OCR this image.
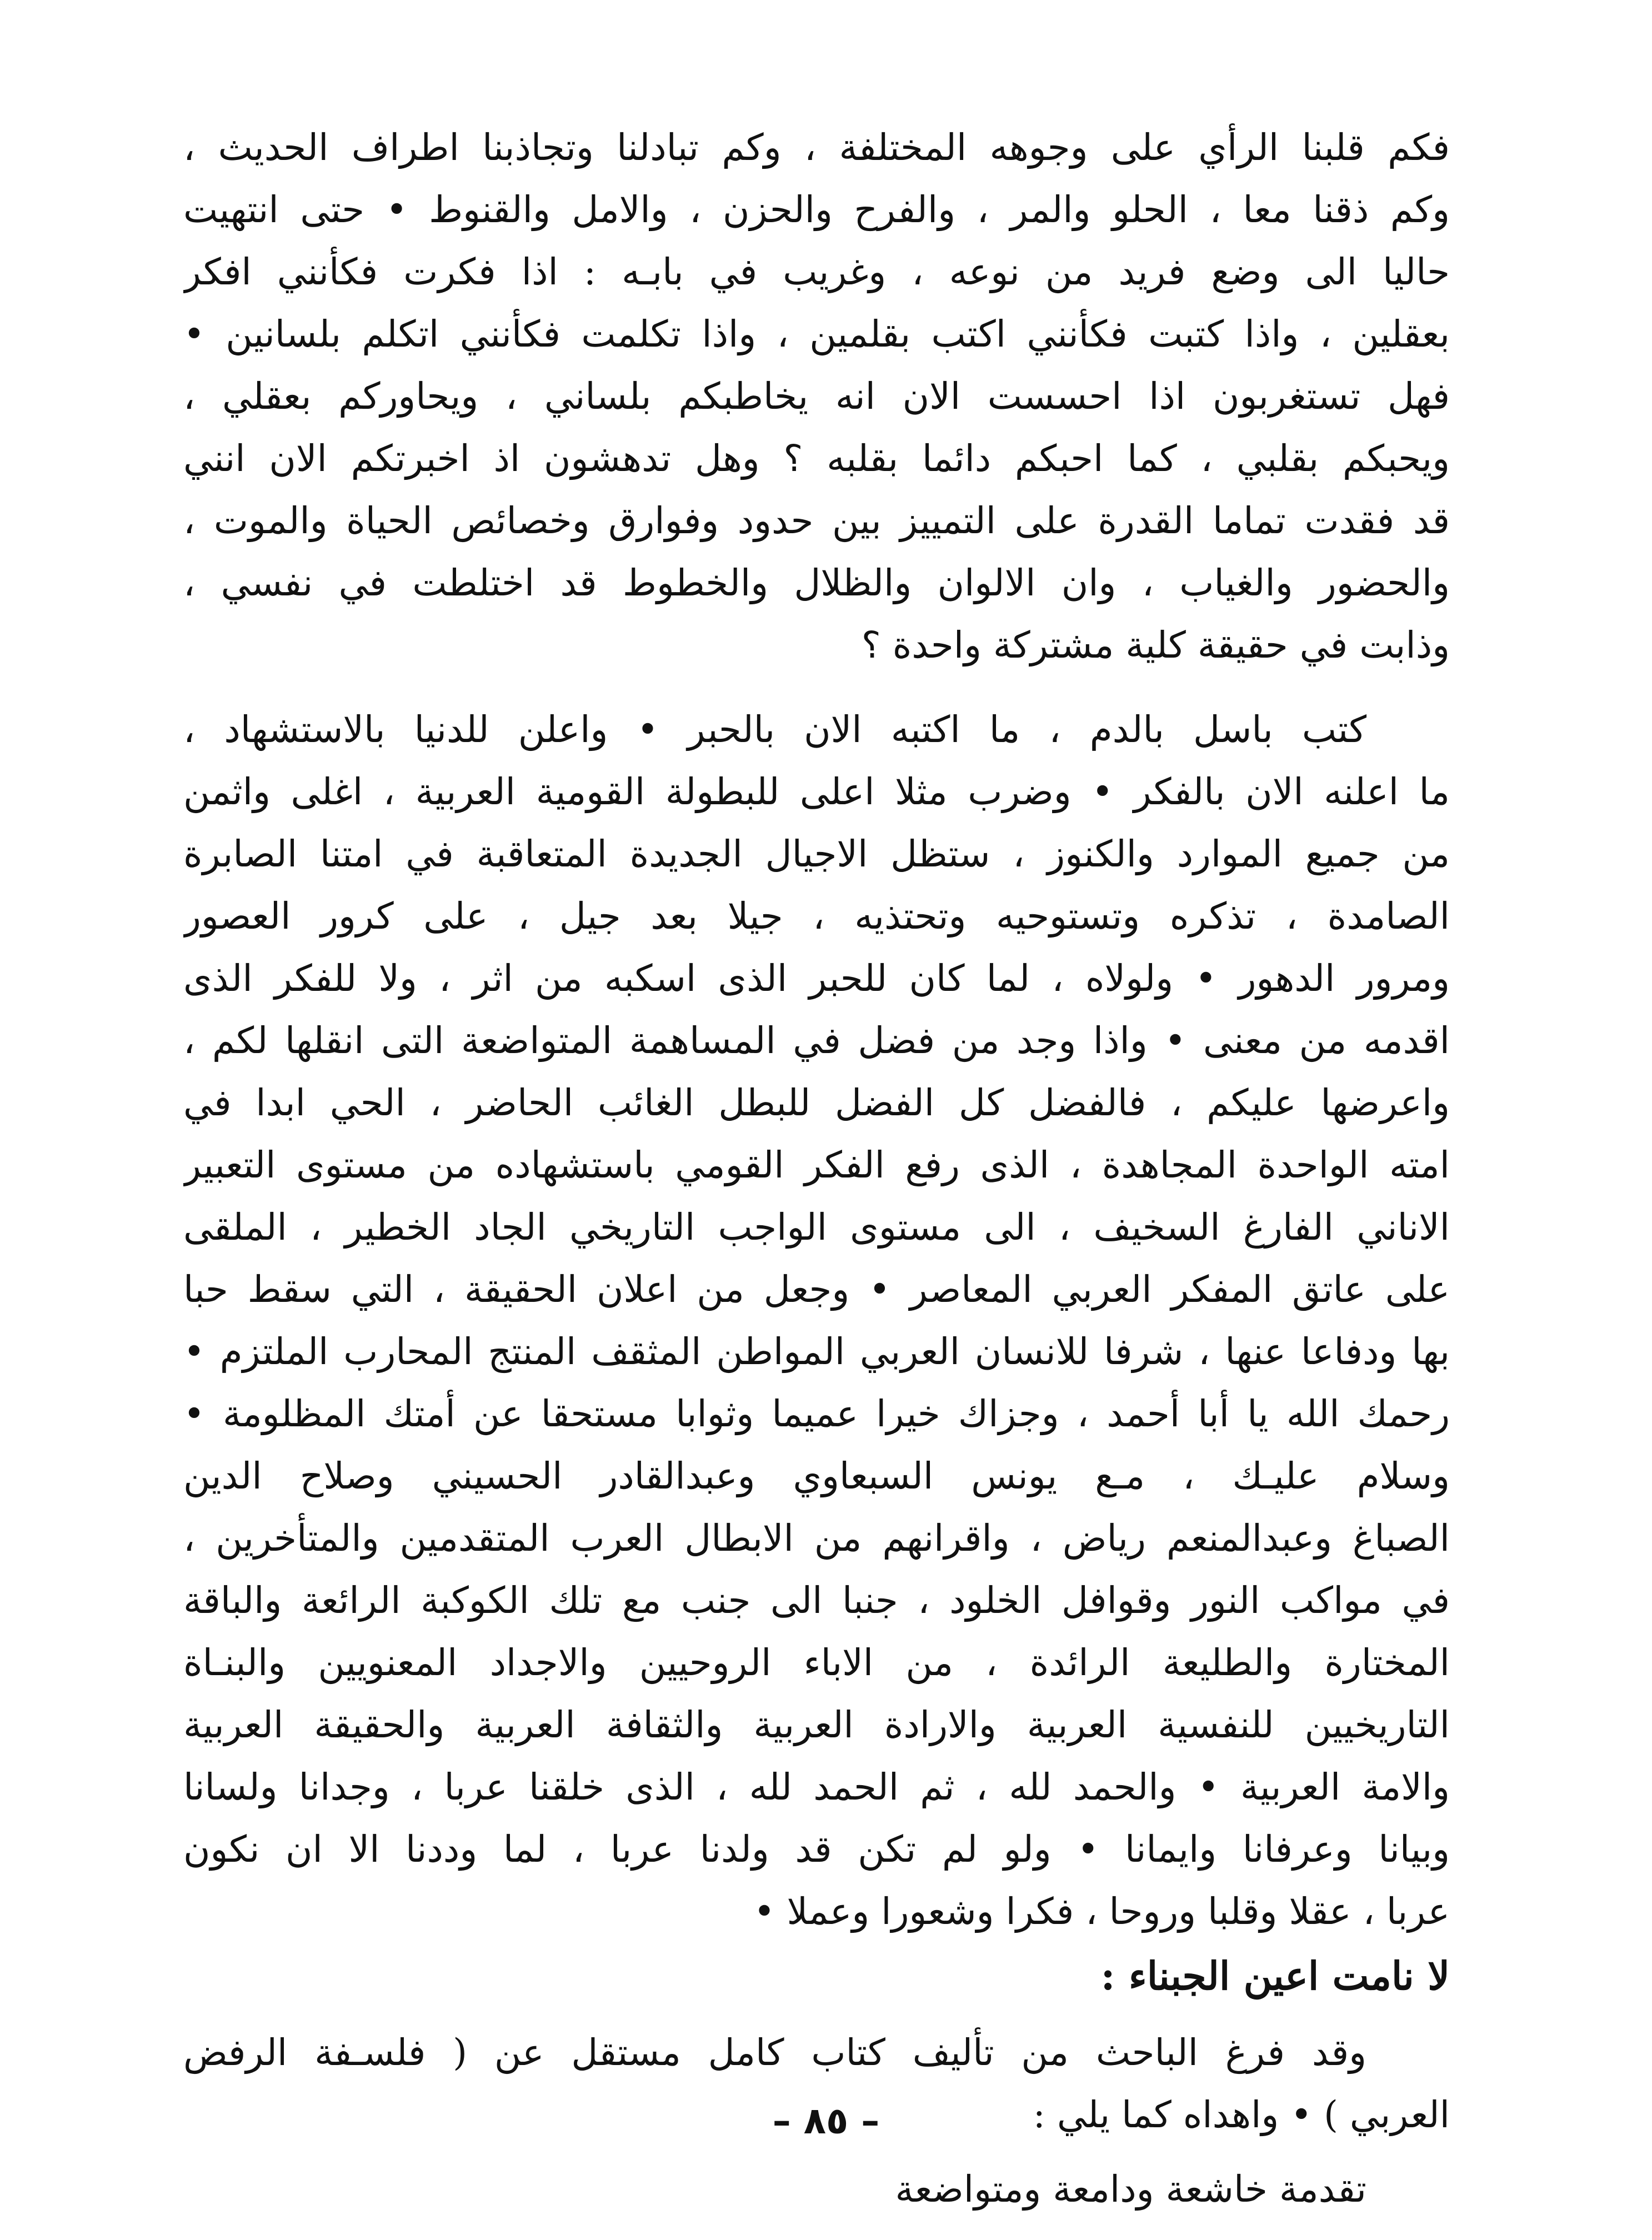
فكم قلبنا الرأي على وجوهه المختلفة ، وكم تبادلنا وتجاذبنا اطراف الحديث ،
وكم ذقنا معا ، الحلو والمر ، والفرح والحزن ، والامل والقنوط • حتى انتهيت
حاليا الى وضع فريد من نوعه ، وغريب في بابـه : اذا فكرت فكأنني افكر
بعقلين ، واذا كتبت فكأنني اكتب بقلمين ، واذا تكلمت فكأنني اتكلم بلسانين •
فهل تستغربون اذا احسست الان انه يخاطبكم بلساني ، ويحاوركم بعقلي ،
ويحبكم بقلبي ، كما احبكم دائما بقلبه ؟ وهل تدهشون اذ اخبرتكم الان انني
قد فقدت تماما القدرة على التمييز بين حدود وفوارق وخصائص الحياة والموت ،
والحضور والغياب ، وان الالوان والظلال والخطوط قد اختلطت في نفسي ،
وذابت في حقيقة كلية مشتركة واحدة ؟
كتب باسل بالدم ، ما اكتبه الان بالحبر • واعلن للدنيا بالاستشهاد ،
ما اعلنه الان بالفكر • وضرب مثلا اعلى للبطولة القومية العربية ، اغلى واثمن
من جميع الموارد والكنوز ، ستظل الاجيال الجديدة المتعاقبة في امتنا الصابرة
الصامدة ، تذكره وتستوحيه وتحتذيه ، جيلا بعد جيل ، على كرور العصور
ومرور الدهور • ولولاه ، لما كان للحبر الذى اسكبه من اثر ، ولا للفكر الذى
اقدمه من معنى • واذا وجد من فضل في المساهمة المتواضعة التى انقلها لكم ،
واعرضها عليكم ، فالفضل كل الفضل للبطل الغائب الحاضر ، الحي ابدا في
امته الواحدة المجاهدة ، الذى رفع الفكر القومي باستشهاده من مستوى التعبير
الاناني الفارغ السخيف ، الى مستوى الواجب التاريخي الجاد الخطير ، الملقى
على عاتق المفكر العربي المعاصر • وجعل من اعلان الحقيقة ، التي سقط حبا
بها ودفاعا عنها ، شرفا للانسان العربي المواطن المثقف المنتج المحارب الملتزم •
رحمك الله يا أبا أحمد ، وجزاك خيرا عميما وثوابا مستحقا عن أمتك المظلومة •
وسلام عليـك ، مـع يونس السبعاوي وعبدالقادر الحسيني وصلاح الدين
الصباغ وعبدالمنعم رياض ، واقرانهم من الابطال العرب المتقدمين والمتأخرين ،
في مواكب النور وقوافل الخلود ، جنبا الى جنب مع تلك الكوكبة الرائعة والباقة
المختارة والطليعة الرائدة ، من الاباء الروحيين والاجداد المعنويين والبنـاة
التاريخيين للنفسية العربية والارادة العربية والثقافة العربية والحقيقة العربية
والامة العربية • والحمد لله ، ثم الحمد لله ، الذى خلقنا عربا ، وجدانا ولسانا
وبيانا وعرفانا وايمانا • ولو لم تكن قد ولدنا عربا ، لما وددنا الا ان نكون
عربا ، عقلا وقلبا وروحا ، فكرا وشعورا وعملا •
لا نامت اعين الجبناء :
وقد فرغ الباحث من تأليف كتاب كامل مستقل عن ( فلسـفة الرفض
العربي ) • واهداه كما يلي :
تقدمة خاشعة ودامعة ومتواضعة
– ٨٥ –
